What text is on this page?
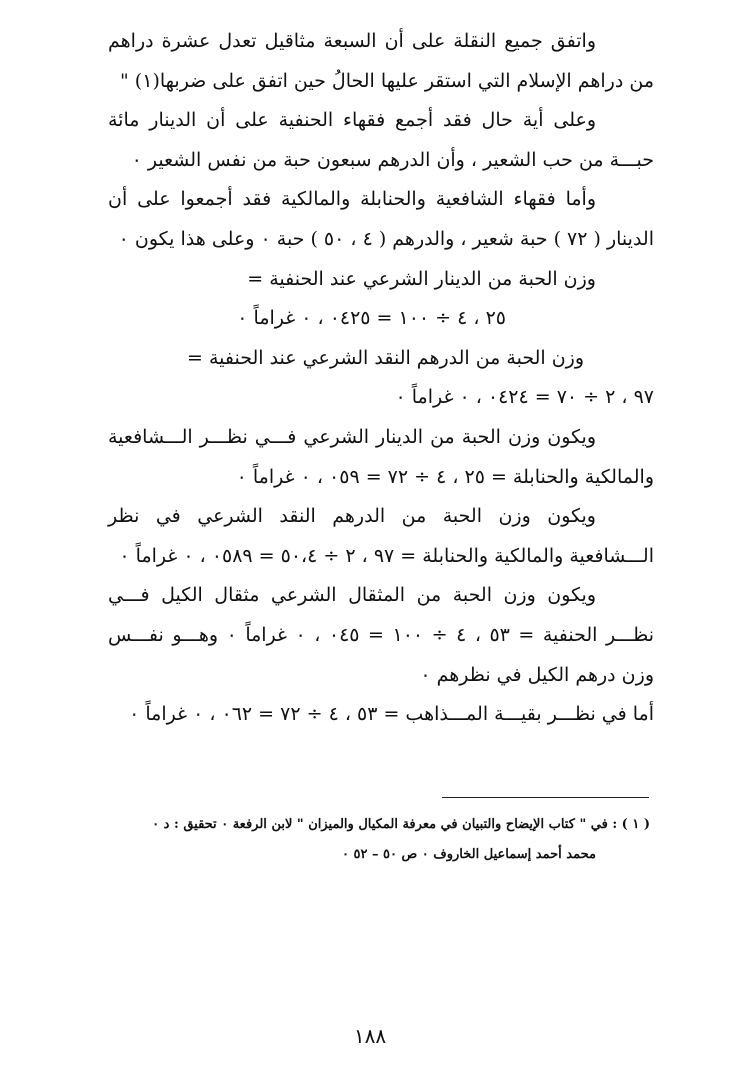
واتفق جميع النقلة على أن السبعة مثاقيل تعدل عشرة دراهم من دراهم الإسلام التي استقر عليها الحالُ حين اتفق على ضربها(١) "

وعلى أية حال فقد أجمع فقهاء الحنفية على أن الدينار مائة حبـــة من حب الشعير ، وأن الدرهم سبعون حبة من نفس الشعير ٠

وأما فقهاء الشافعية والحنابلة والمالكية فقد أجمعوا على أن الدينار ( ٧٢ ) حبة شعير ، والدرهم ( ٤ ، ٥٠ ) حبة ٠ وعلى هذا يكون ٠

وزن الحبة من الدينار الشرعي عند الحنفية =

٢٥ ، ٤ ÷ ١٠٠ = ٠٤٢٥ ، ٠ غراماً ٠

وزن الحبة من الدرهم النقد الشرعي عند الحنفية =

٩٧ ، ٢ ÷ ٧٠ = ٠٤٢٤ ، ٠ غراماً ٠

ويكون وزن الحبة من الدينار الشرعي فـــي نظـــر الـــشافعية والمالكية والحنابلة = ٢٥ ، ٤ ÷ ٧٢ = ٠٥٩ ، ٠ غراماً ٠

ويكون وزن الحبة من الدرهم النقد الشرعي في نظر الـــشافعية والمالكية والحنابلة = ٩٧ ، ٢ ÷ ٥٠،٤ = ٠٥٨٩ ، ٠ غراماً ٠

ويكون وزن الحبة من المثقال الشرعي مثقال الكيل فـــي نظـــر الحنفية = ٥٣ ، ٤ ÷ ١٠٠ = ٠٤٥ ، ٠ غراماً ٠ وهـــو نفـــس وزن درهم الكيل في نظرهم ٠

أما في نظـــر بقيـــة المـــذاهب = ٥٣ ، ٤ ÷ ٧٢ = ٠٦٢ ، ٠ غراماً ٠

( ١ ) : في " كتاب الإيضاح والتبيان في معرفة المكيال والميزان " لابن الرفعة ٠ تحقيق : د ٠

محمد أحمد إسماعيل الخاروف ٠ ص ٥٠ – ٥٢ ٠

١٨٨
